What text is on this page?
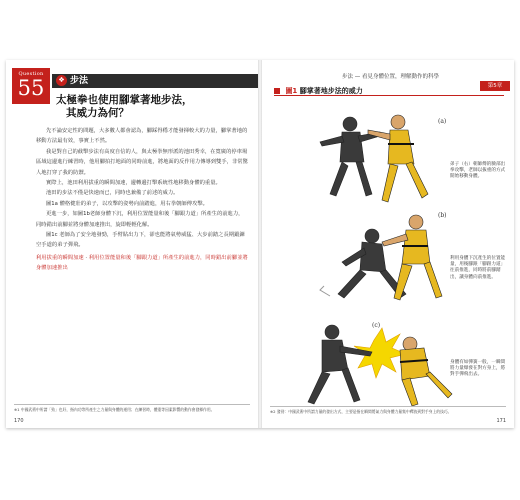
Question
55	❖ 步法
太極拳也使用腳掌著地步法，
其威力為何？

先不論安定性的問題，大多數人都會認為，腳踩得穩才能發揮較大的力量，腳掌著地的移動方法最有效，事實上不然。

我是對自己的截擊步法有高度自信的人，與太極拳無形派的池田秀幸，在寬廣的停車場區域這邊進行練習時，他用腳拍打地面的同時前進，將地面的反作用力傳導到雙手，非常驚人地打穿了我的防禦。

實際上，池田利用拔重的瞬間加速，邊轉邊打擊系統性地移動身體的重量。

池田的步法不僅是快速而已，同時也兼備了前述的威力。

圖1a 體格健壯的弟子，以攻擊的姿勢向前踏進，用右拳朝師傅攻擊。

更進一步，如圖1b老師身體下沉，利用位置能量和後「腳跟力道」所產生的前進力，同時錯出前腳並將身體加速推出，旋即輕輕化解。

圖1c 老師為了安全地發勁，手臂貼出力下，卻也能將氣勢威猛、大步前踏之長期鍛鍊空手道的弟子彈飛。

利用拔重的瞬間加速 · 利用位置能量和後「腳跟力道」所產生的前進力，同時錯出前腳並將身體加速推出

※1 中國武術中所謂「勁」也好，指內功等所產生之力量與身體的運用；在練習時，體重等因素影響的動作會發揮作用。
170
步法 — 看見身體位置，理解動作的科學
第5章
圖1 腳掌著地步法的威力
(a)
弟子（右）朝師傅的臉部出拳攻擊，老師以拔重的方式開始移動身體。
(b)
利用身體下沉產生的位置能量，用後腳跟「腳跟力道」往前推進，同時將前腳踏出，讓身體向前推進。
(c)
身體有如彈簧一般，一瞬間將力量爆發在對方身上，將對手彈飛出去。
※2 發勁：中國武術中所謂力量的發出方式，主要是指在瞬間將氣力與身體力量集中釋放到對手身上的技巧。
171
